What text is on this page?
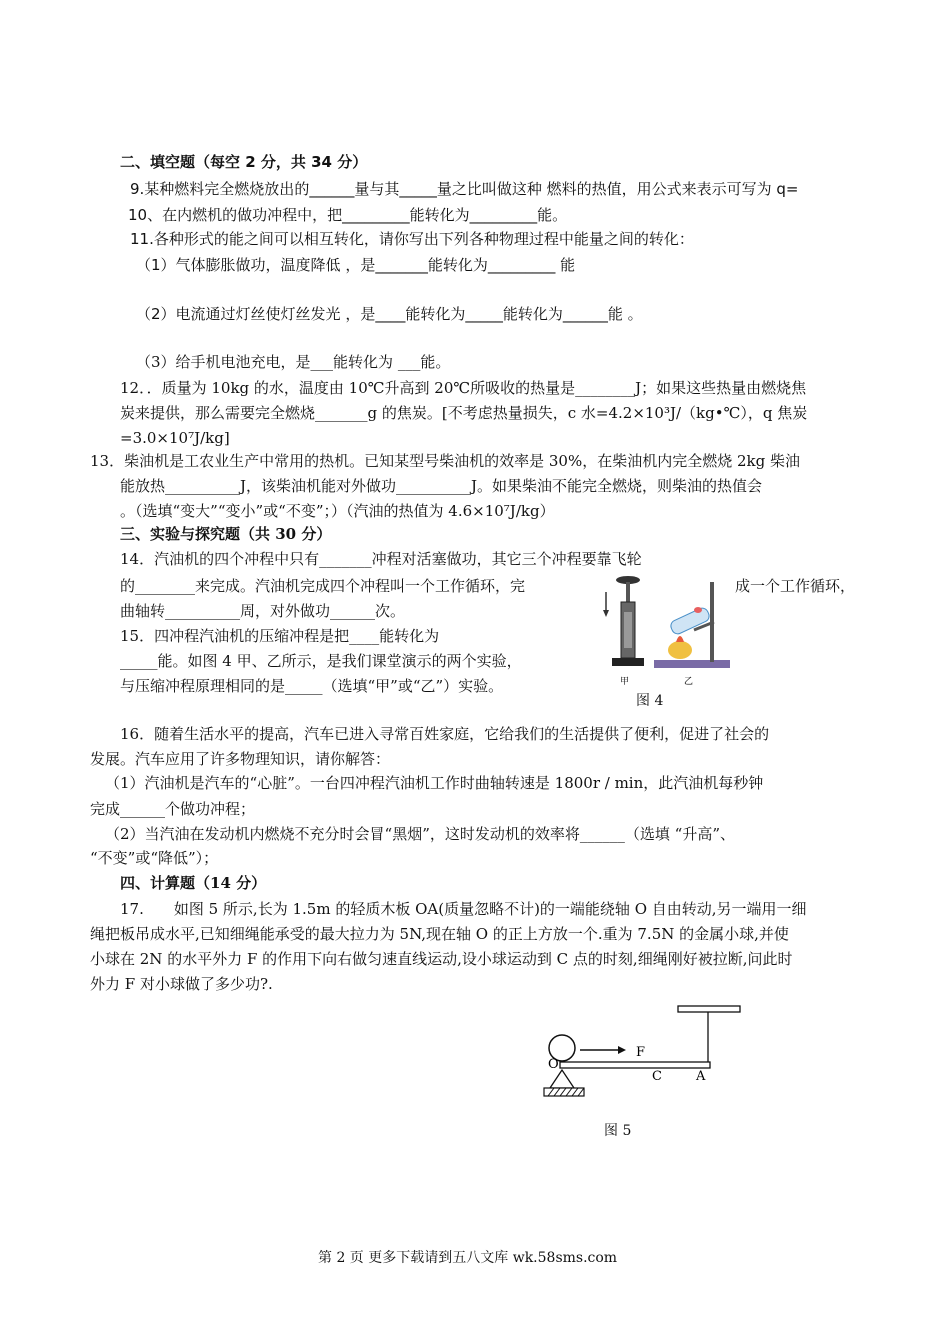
二、填空题（每空 2 分，共 34 分）
9.某种燃料完全燃烧放出的______量与其_____量之比叫做这种 燃料的热值，用公式来表示可写为 q=
10、在内燃机的做功冲程中，把_________能转化为_________能。
11.各种形式的能之间可以相互转化，请你写出下列各种物理过程中能量之间的转化：
（1）气体膨胀做功，温度降低 ，是_______能转化为_________ 能
（2）电流通过灯丝使灯丝发光 ，是____能转化为_____能转化为______能 。
（3）给手机电池充电，是___能转化为 ___能。
12．．质量为 10kg 的水，温度由 10℃升高到 20℃所吸收的热量是________J；如果这些热量由燃烧焦
炭来提供，那么需要完全燃烧_______g 的焦炭。[不考虑热量损失，c 水=4.2×10³J/（kg•℃），q 焦炭
=3.0×10⁷J/kg]
13．柴油机是工农业生产中常用的热机。已知某型号柴油机的效率是 30%，在柴油机内完全燃烧 2kg 柴油
能放热__________J，该柴油机能对外做功__________J。如果柴油不能完全燃烧，则柴油的热值会
。（选填“变大”“变小”或“不变”；）（汽油的热值为 4.6×10⁷J/kg）
三、实验与探究题（共 30 分）
14．汽油机的四个冲程中只有_______冲程对活塞做功，其它三个冲程要靠飞轮
的________来完成。汽油机完成四个冲程叫一个工作循环，完	成一个工作循环，
曲轴转__________周，对外做功______次。
15．四冲程汽油机的压缩冲程是把____能转化为
_____能。如图 4 甲、乙所示，是我们课堂演示的两个实验，
与压缩冲程原理相同的是_____（选填“甲”或“乙”）实验。	甲	乙
图 4
16．随着生活水平的提高，汽车已进入寻常百姓家庭，它给我们的生活提供了便利，促进了社会的
发展。汽车应用了许多物理知识，请你解答：
（1）汽油机是汽车的“心脏”。一台四冲程汽油机工作时曲轴转速是 1800r / min，此汽油机每秒钟
完成______个做功冲程；
（2）当汽油在发动机内燃烧不充分时会冒“黑烟”，这时发动机的效率将______（选填 “升高”、
“不变”或“降低”）；
四、计算题（14 分）
17.　　如图 5 所示,长为 1.5m 的轻质木板 OA(质量忽略不计)的一端能绕轴 O 自由转动,另一端用一细
绳把板吊成水平,已知细绳能承受的最大拉力为 5N,现在轴 O 的正上方放一个.重为 7.5N 的金属小球,并使
小球在 2N 的水平外力 F 的作用下向右做匀速直线运动,设小球运动到 C 点的时刻,细绳刚好被拉断,问此时
外力 F 对小球做了多少功?.
F
O
C	A
图 5
第 2 页 更多下载请到五八文库 wk.58sms.com
